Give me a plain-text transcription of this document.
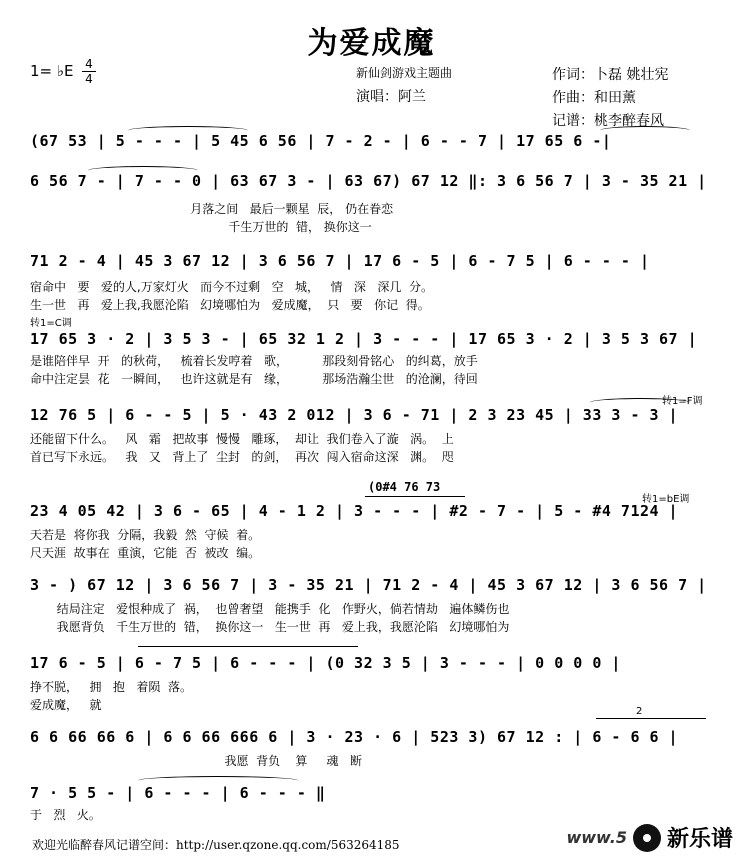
为爱成魔
新仙剑游戏主题曲
演唱：阿兰
作词：卜磊 姚壮宪
作曲：和田薰
记谱：桃李醉春风
1= ♭E 4
4
(67 53 | 5 - - - | 5 45 6 56 | 7 - 2 - | 6 - - 7 | 17 65 6 -|
6 56 7 - | 7 - - 0 | 63 67 3 - | 63 67) 67 12 ‖: 3 6 56 7 | 3 - 35 21 |
月落之间   最后一颗星  辰， 仍在眷恋
千生万世的  错， 换你这一
71 2 - 4 | 45 3 67 12 | 3 6 56 7 | 17 6 - 5 | 6 - 7 5 | 6 - - - |
宿命中   要   爱的人,万家灯火   而今不过剩   空   城，   情   深   深几  分。
生一世   再   爱上我,我愿沦陷   幻境哪怕为   爱成魔，  只   要   你记  得。
转1=C调
17 65 3 · 2 | 3 5 3 - | 65 32 1 2 | 3 - - - | 17 65 3 · 2 | 3 5 3 67 |
是谁陪伴早  开   的秋荷，   梳着长发哼着   歌，         那段刻骨铭心   的纠葛，放手
命中注定昙  花   一瞬间，   也许这就是有   缘，         那场浩瀚尘世   的沧澜，待回
转1=F调
12 76 5 | 6 - - 5 | 5 · 43 2 012 | 3 6 - 71 | 2 3 23 45 | 33 3 - 3 |
还能留下什么。   风   霜   把故事  慢慢   雕琢，  却让  我们卷入了漩   涡。  上
首已写下永远。   我   又   背上了  尘封   的剑，  再次  闯入宿命这深   渊。  咫
(0#4 76 73
转1=bE调
23 4 05 42 | 3 6 - 65 | 4 - 1 2 | 3 - - - | #2 - 7 - | 5 - #4 7124 |
天若是  将你我  分隔，我毅  然  守候  着。
尺天涯  故事在  重演，它能  否  被改  编。
3 - ) 67 12 | 3 6 56 7 | 3 - 35 21 | 71 2 - 4 | 45 3 67 12 | 3 6 56 7 |
结局注定   爱恨种成了  祸，  也曾奢望   能携手  化   作野火，倘若情劫   遍体鳞伤也
我愿背负   千生万世的  错，  换你这一   生一世  再   爱上我，我愿沦陷   幻境哪怕为
17 6 - 5 | 6 - 7 5 | 6 - - - | (0 32 3 5 | 3 - - - | 0 0 0 0 |
挣不脱，   拥   抱   着陨  落。
爱成魔，   就	2
6 6 66 66 6 | 6 6 66 666 6 | 3 · 23 · 6 | 523 3) 67 12 : | 6 - 6 6 |
我愿  背负    算     魂   断
7 · 5 5 - | 6 - - - | 6 - - - ‖
于   烈   火。
欢迎光临醉春风记谱空间：http://user.qzone.qq.com/563264185	www.5 新乐谱
